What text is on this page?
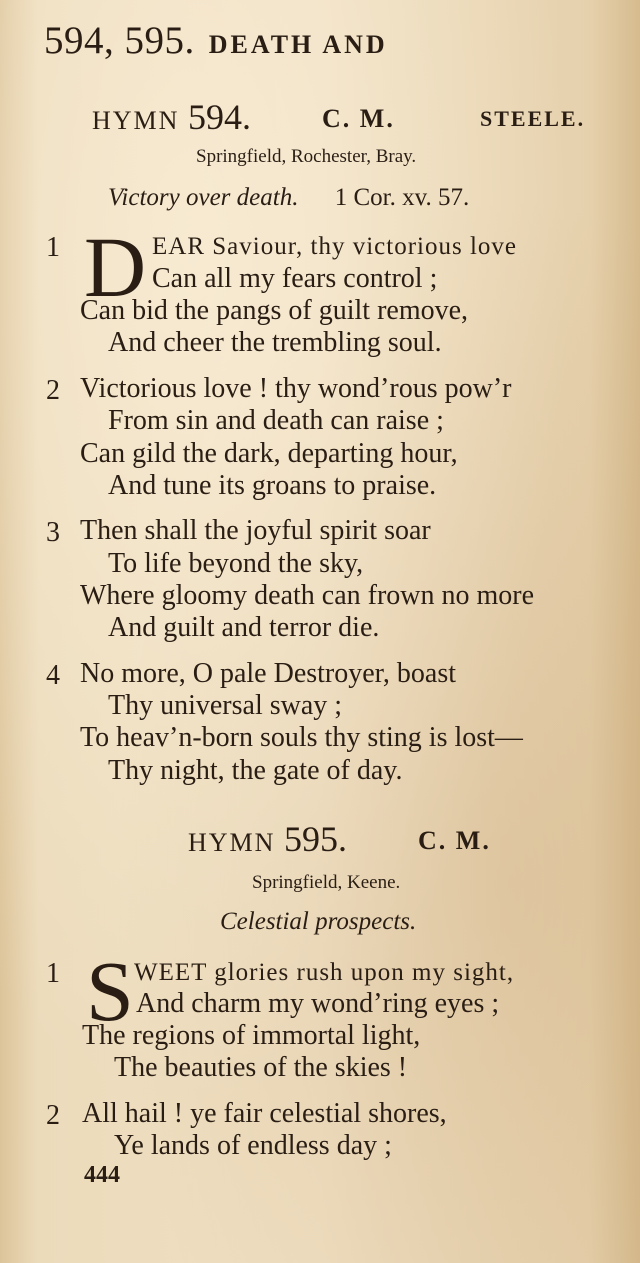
594, 595. DEATH AND
HYMN 594.	C. M.	STEELE.
Springfield, Rochester, Bray.
Victory over death. 1 Cor. xv. 57.
1 D EAR Saviour, thy victorious love
Can all my fears control ;
Can bid the pangs of guilt remove,
And cheer the trembling soul.
2 Victorious love ! thy wond’rous pow’r
From sin and death can raise ;
Can gild the dark, departing hour,
And tune its groans to praise.
3 Then shall the joyful spirit soar
To life beyond the sky,
Where gloomy death can frown no more
And guilt and terror die.
4 No more, O pale Destroyer, boast
Thy universal sway ;
To heav’n-born souls thy sting is lost—
Thy night, the gate of day.
HYMN 595.	C. M.
Springfield, Keene.
Celestial prospects.
1 S WEET glories rush upon my sight,
And charm my wond’ring eyes ;
The regions of immortal light,
The beauties of the skies !
2 All hail ! ye fair celestial shores,
Ye lands of endless day ;
444
